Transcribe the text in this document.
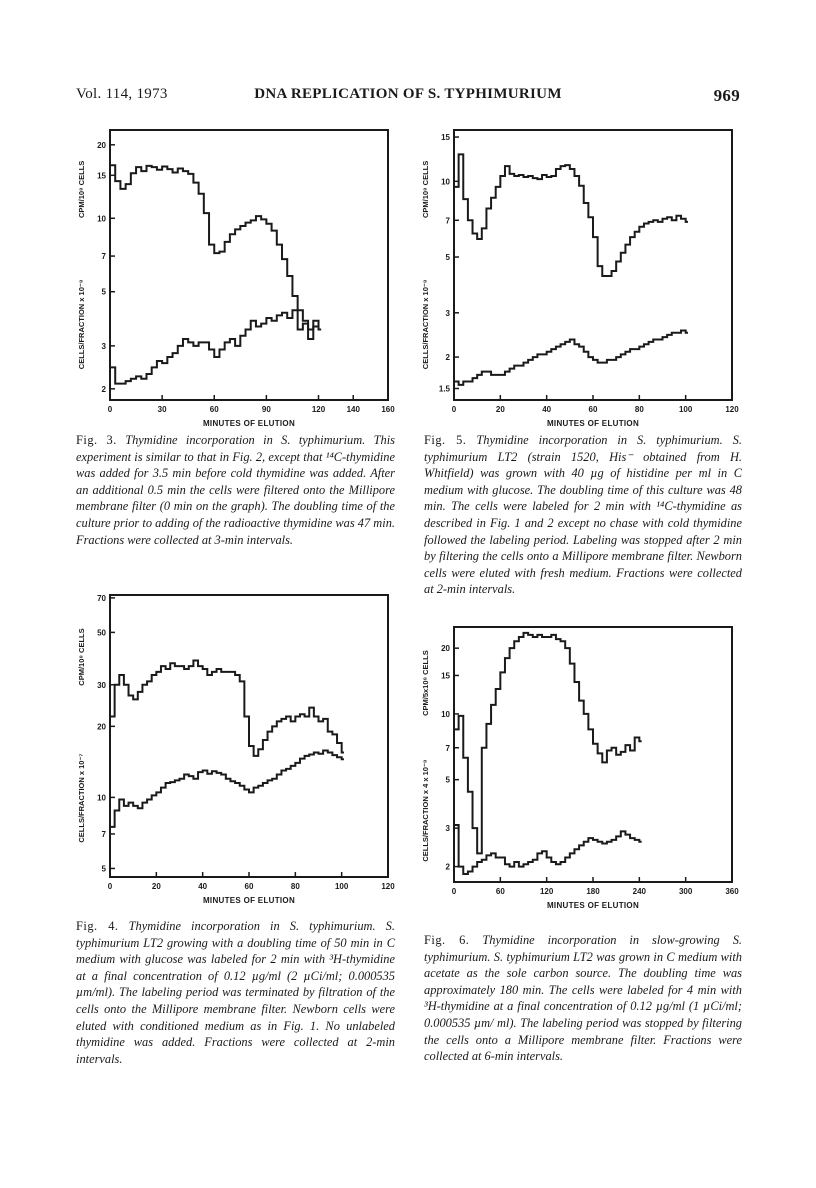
Vol. 114, 1973	DNA REPLICATION OF S. TYPHIMURIUM	969
0	30	60	90	120	140	160
2
3
5
7
10
15
20
MINUTES OF ELUTION
CPM/10⁸ CELLS
CELLS/FRACTION x 10⁻⁸
Fig. 3. Thymidine incorporation in S. typhimurium. This experiment is similar to that in Fig. 2, except that ¹⁴C-thymidine was added for 3.5 min before cold thymidine was added. After an additional 0.5 min the cells were filtered onto the Millipore membrane filter (0 min on the graph). The doubling time of the culture prior to adding of the radioactive thymidine was 47 min. Fractions were collected at 3-min intervals.
0	20	40	60	80	100	120
1.5
2
3
5
7
10
15
MINUTES OF ELUTION
CPM/10⁸ CELLS
CELLS/FRACTION x 10⁻⁸
Fig. 5. Thymidine incorporation in S. typhimurium. S. typhimurium LT2 (strain 1520, His⁻ obtained from H. Whitfield) was grown with 40 µg of histidine per ml in C medium with glucose. The doubling time of this culture was 48 min. The cells were labeled for 2 min with ¹⁴C-thymidine as described in Fig. 1 and 2 except no chase with cold thymidine followed the labeling period. Labeling was stopped after 2 min by filtering the cells onto a Millipore membrane filter. Newborn cells were eluted with fresh medium. Fractions were collected at 2-min intervals.
0	20	40	60	80	100	120
5
7
10
20
30
50
70
MINUTES OF ELUTION
CPM/10⁸ CELLS
CELLS/FRACTION x 10⁻⁷
Fig. 4. Thymidine incorporation in S. typhimurium. S. typhimurium LT2 growing with a doubling time of 50 min in C medium with glucose was labeled for 2 min with ³H-thymidine at a final concentration of 0.12 µg/ml (2 µCi/ml; 0.000535 µm/ml). The labeling period was terminated by filtration of the cells onto the Millipore membrane filter. Newborn cells were eluted with conditioned medium as in Fig. 1. No unlabeled thymidine was added. Fractions were collected at 2-min intervals.
0	60	120	180	240	300	360
2
3
5
7
10
15
20
MINUTES OF ELUTION
CPM/5x10⁸ CELLS
CELLS/FRACTION x 4 x 10⁻⁸
Fig. 6. Thymidine incorporation in slow-growing S. typhimurium. S. typhimurium LT2 was grown in C medium with acetate as the sole carbon source. The doubling time was approximately 180 min. The cells were labeled for 4 min with ³H-thymidine at a final concentration of 0.12 µg/ml (1 µCi/ml; 0.000535 µm/ ml). The labeling period was stopped by filtering the cells onto a Millipore membrane filter. Fractions were collected at 6-min intervals.
